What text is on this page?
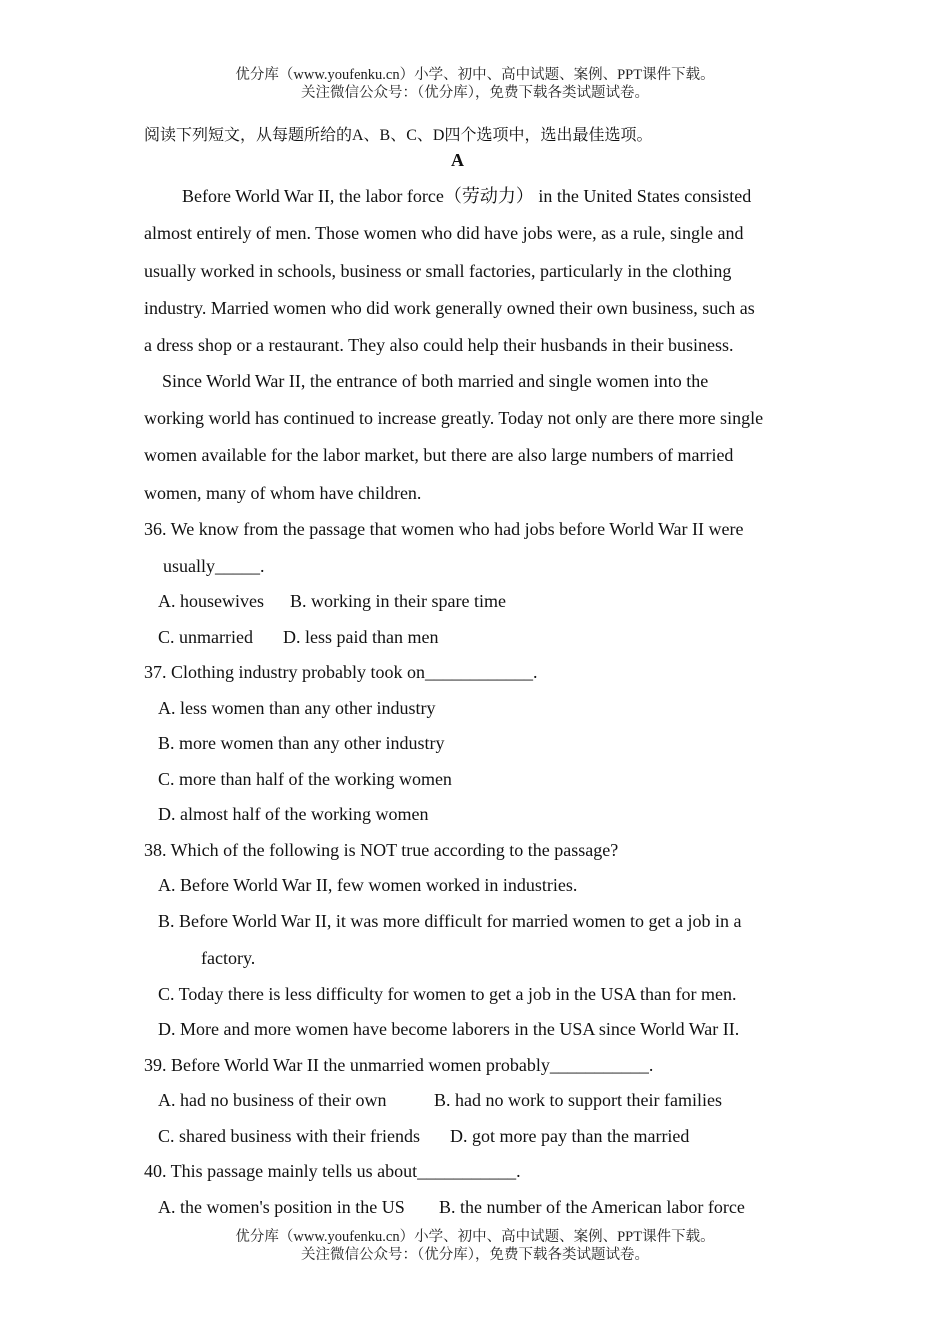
优分库（www.youfenku.cn）小学、初中、高中试题、案例、PPT课件下载。
关注微信公众号：（优分库），免费下载各类试题试卷。
阅读下列短文，从每题所给的A、B、C、D四个选项中，选出最佳选项。
A
Before World War II, the labor force（劳动力） in the United States consisted
almost entirely of men. Those women who did have jobs were, as a rule, single and
usually worked in schools, business or small factories, particularly in the clothing
industry. Married women who did work generally owned their own business, such as
a dress shop or a restaurant. They also could help their husbands in their business.
Since World War II, the entrance of both married and single women into the
working world has continued to increase greatly. Today not only are there more single
women available for the labor market, but there are also large numbers of married
women, many of whom have children.
36. We know from the passage that women who had jobs before World War II were
usually_____.
A. housewives B. working in their spare time
C. unmarried D. less paid than men
37. Clothing industry probably took on____________.
A. less women than any other industry
B. more women than any other industry
C. more than half of the working women
D. almost half of the working women
38. Which of the following is NOT true according to the passage?
A. Before World War II, few women worked in industries.
B. Before World War II, it was more difficult for married women to get a job in a
factory.
C. Today there is less difficulty for women to get a job in the USA than for men.
D. More and more women have become laborers in the USA since World War II.
39. Before World War II the unmarried women probably___________.
A. had no business of their own	B. had no work to support their families
C. shared business with their friends D. got more pay than the married
40. This passage mainly tells us about___________.
A. the women's position in the US B. the number of the American labor force
优分库（www.youfenku.cn）小学、初中、高中试题、案例、PPT课件下载。
关注微信公众号：（优分库），免费下载各类试题试卷。
